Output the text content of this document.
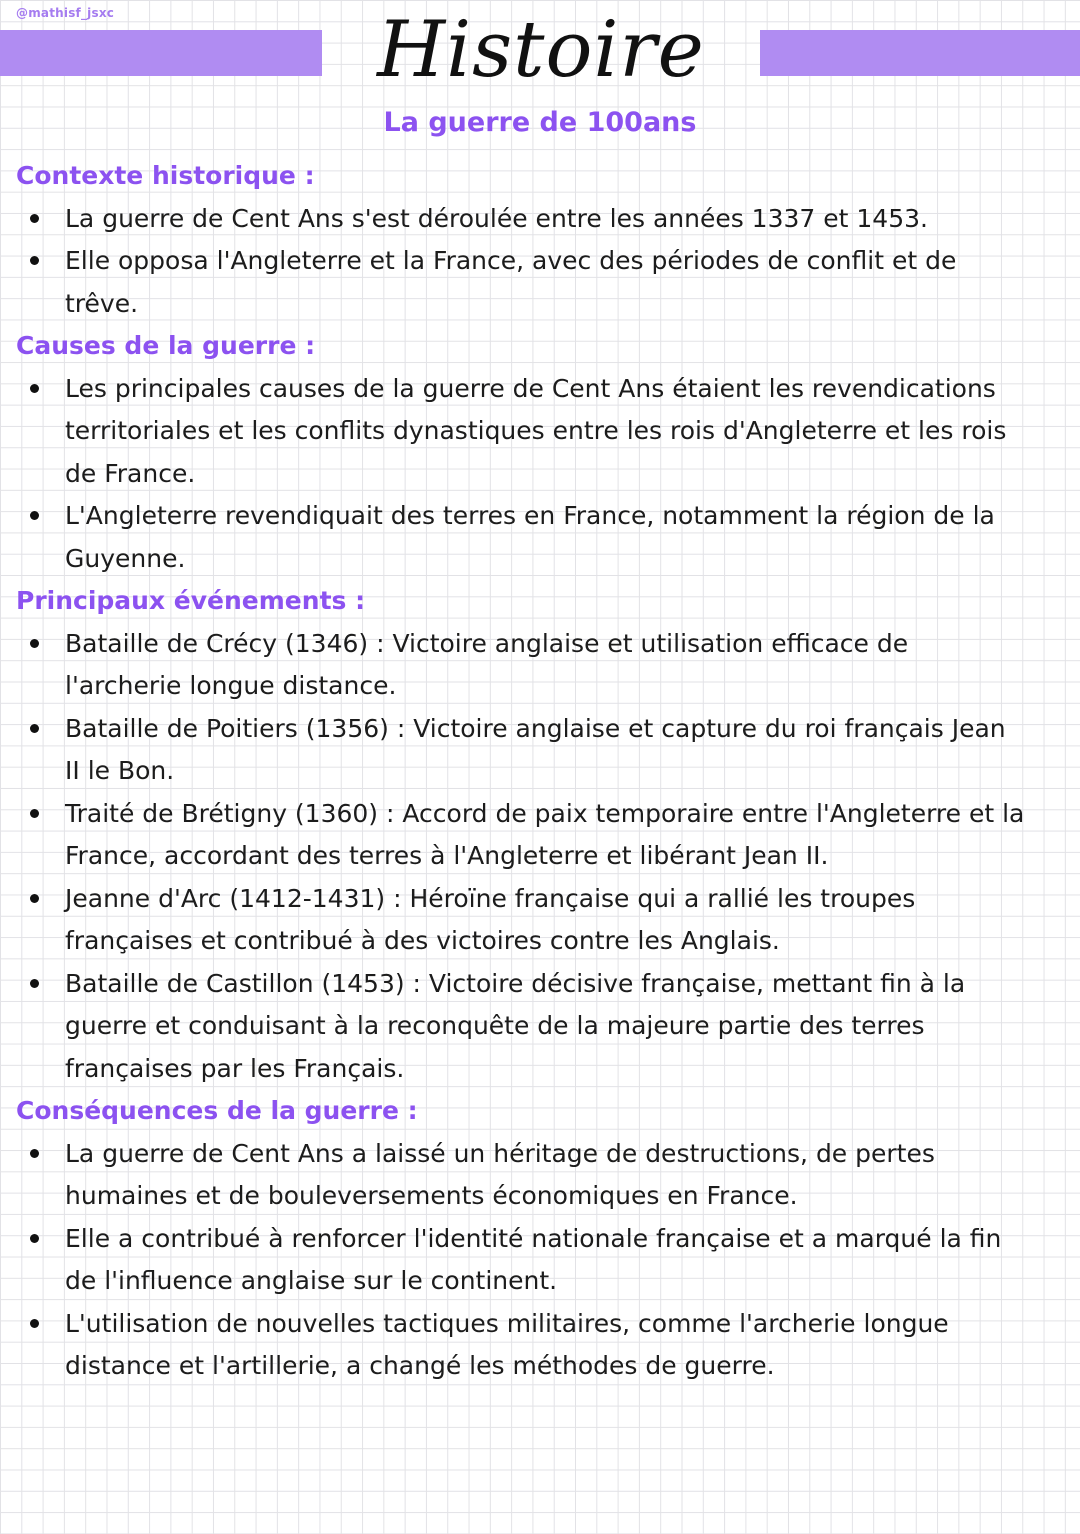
@mathisf_jsxc	Histoire
La guerre de 100ans
Contexte historique :
La guerre de Cent Ans s'est déroulée entre les années 1337 et 1453.
Elle opposa l'Angleterre et la France, avec des périodes de conflit et de trêve.
Causes de la guerre :
Les principales causes de la guerre de Cent Ans étaient les revendications territoriales et les conflits dynastiques entre les rois d'Angleterre et les rois de France.
L'Angleterre revendiquait des terres en France, notamment la région de la Guyenne.
Principaux événements :
Bataille de Crécy (1346) : Victoire anglaise et utilisation efficace de l'archerie longue distance.
Bataille de Poitiers (1356) : Victoire anglaise et capture du roi français Jean II le Bon.
Traité de Brétigny (1360) : Accord de paix temporaire entre l'Angleterre et la France, accordant des terres à l'Angleterre et libérant Jean II.
Jeanne d'Arc (1412-1431) : Héroïne française qui a rallié les troupes françaises et contribué à des victoires contre les Anglais.
Bataille de Castillon (1453) : Victoire décisive française, mettant fin à la guerre et conduisant à la reconquête de la majeure partie des terres françaises par les Français.
Conséquences de la guerre :
La guerre de Cent Ans a laissé un héritage de destructions, de pertes humaines et de bouleversements économiques en France.
Elle a contribué à renforcer l'identité nationale française et a marqué la fin de l'influence anglaise sur le continent.
L'utilisation de nouvelles tactiques militaires, comme l'archerie longue distance et l'artillerie, a changé les méthodes de guerre.
